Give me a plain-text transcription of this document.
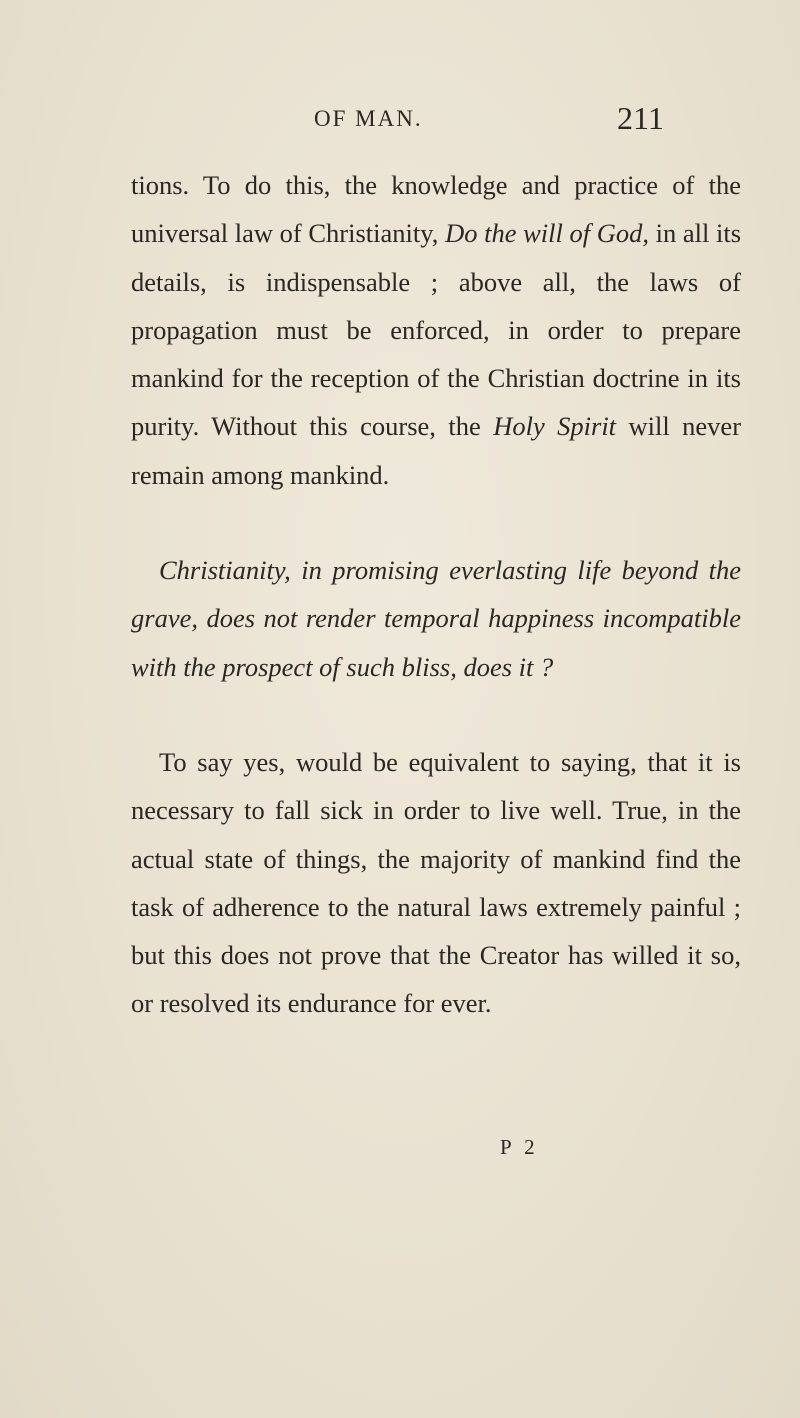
OF MAN.	211

tions. To do this, the knowledge and practice of the universal law of Christianity, Do the will of God, in all its details, is indispensable ; above all, the laws of propagation must be enforced, in order to prepare mankind for the reception of the Christian doctrine in its purity. Without this course, the Holy Spirit will never remain among mankind.

Christianity, in promising everlasting life beyond the grave, does not render temporal happiness incompatible with the prospect of such bliss, does it ?

To say yes, would be equivalent to saying, that it is necessary to fall sick in order to live well. True, in the actual state of things, the majority of mankind find the task of adherence to the natural laws extremely painful ; but this does not prove that the Creator has willed it so, or resolved its endurance for ever.

P 2
